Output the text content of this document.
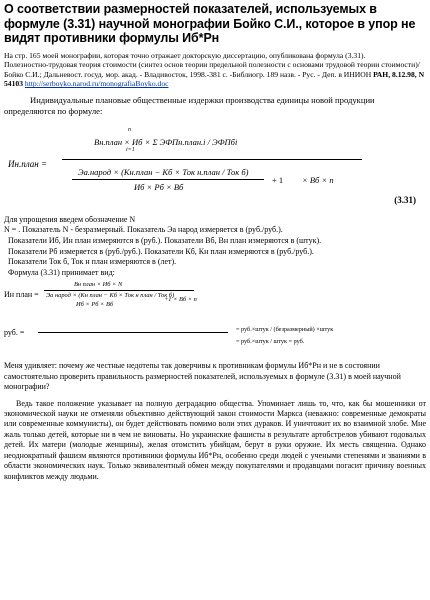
О соответствии размерностей показателей, используемых в формуле (3.31) научной монографии Бойко С.И., которое в упор не видят противники формулы Иб*Рн

На стр. 165 моей монографии, которая точно отражает докторскую диссертацию, опубликована формула (3.31).

Полезностно-трудовая теория стоимости (синтез основ теории предельной полезности с основами трудовой теории стоимости)/ Бойко С.И.; Дальневост. госуд. мор. акад. - Владивосток, 1998.-381 с. -Библиогр. 189 назв. - Рус. - Деп. в ИНИОН РАН, 8.12.98, N 54103 http://serboyko.narod.ru/monografiaBoyko.doc

Индивидуальные плановые общественные издержки производства единицы новой продукции определяются по формуле:
Ин.план =
n
Вн.план × Иб × Σ ЭФПн.план.i / ЭФПбi
i=1
Эа.народ × (Кн.план − Кб × Ток н.план / Ток б)
Иб × Рб × Вб
+ 1 × Вб × n
(3.31)

Для упрощения введем обозначение N

N = . Показатель N - безразмерный. Показатель Эа народ измеряется в (руб./руб.).

Показатели Иб, Ин план измеряются в (руб.). Показатели Вб, Вн план измеряются в (штук).

Показатели Рб измеряется в (руб./руб.). Показатели Кб, Кн план измеряются в (руб./руб.).

Показатели Ток б, Ток н план измеряются в (лет).

Формула (3.31) принимает вид:

Ин план =
Вн план × Иб × N
Эа народ × (Кн план − Кб × Ток н план / Ток б)
Иб × Рб × Вб
+1 × Вб × n
руб. =	= руб.×штук / (безразмерный) ×штук
= руб.×штук / штук = руб.
Меня удивляет: почему же честные недотепы так доверчивы к противникам формулы Иб*Рн и не в состоянии самостоятельно проверить правильность размерностей показателей, используемых в формуле (3.31) в моей научной монографии?
Ведь такое положение указывает на полную деградацию общества. Упоминает лишь то, что, как бы мошенники от экономической науки не отменяли объективно действующий закон стоимости Маркса (неважно: современные демократы или современные коммунисты), он будет действовать помимо воли этих дураков. И уничтожит их во взаимной злобе. Мне жаль только детей, которые ни в чем не виноваты. Но украинские фашисты в результате артобстрелов убивают годовалых детей. Их матери (молодые женщины), желая отомстить убийцам, берут в руки оружие. Их месть священна. Однако неоднократный фашизм являются противники формулы Иб*Рн, особенно среди людей с учеными степенями и званиями в области экономических наук. Только эквивалентный обмен между покупателями и продавцами погасит причину военных конфликтов между людьми.
